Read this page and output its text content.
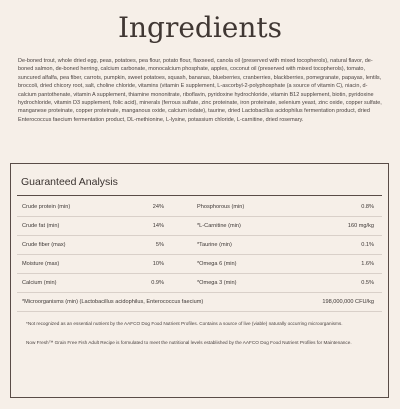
Ingredients
De-boned trout, whole dried egg, peas, potatoes, pea flour, potato flour, flaxseed, canola oil (preserved with mixed tocopherols), natural flavor, de-boned salmon, de-boned herring, calcium carbonate, monocalcium phosphate, apples, coconut oil (preserved with mixed tocopherols), tomato, suncured alfalfa, pea fiber, carrots, pumpkin, sweet potatoes, squash, bananas, blueberries, cranberries, blackberries, pomegranate, papayas, lentils, broccoli, dried chicory root, salt, choline chloride, vitamins (vitamin E supplement, L-ascorbyl-2-polyphosphate (a source of vitamin C), niacin, d-calcium pantothenate, vitamin A supplement, thiamine mononitrate, riboflavin, pyridoxine hydrochloride, vitamin B12 supplement, biotin, pyridoxine hydrochloride, vitamin D3 supplement, folic acid), minerals (ferrous sulfate, zinc proteinate, iron proteinate, selenium yeast, zinc oxide, copper sulfate, manganese proteinate, copper proteinate, manganous oxide, calcium iodate), taurine, dried Lactobacillus acidophilus fermentation product, dried Enterococcus faecium fermentation product, DL-methionine, L-lysine, potassium chloride, L-carnitine, dried rosemary.
Guaranteed Analysis
Crude protein (min)	24%	Phosphorous (min)	0.8%
Crude fat (min)	14%	*L-Carnitine (min)	160 mg/kg
Crude fiber (max)	5%	*Taurine (min)	0.1%
Moisture (max)	10%	*Omega 6 (min)	1.6%
Calcium (min)	0.9%	*Omega 3 (min)	0.5%
*Microorganisms (min) (Lactobacillus acidophilus, Enterococcus faecium)	198,000,000 CFU/kg
*Not recognized as an essential nutrient by the AAFCO Dog Food Nutrient Profiles. Contains a source of live (viable) naturally occurring microorganisms.
Now Fresh™ Grain Free Fish Adult Recipe is formulated to meet the nutritional levels established by the AAFCO Dog Food Nutrient Profiles for Maintenance.
